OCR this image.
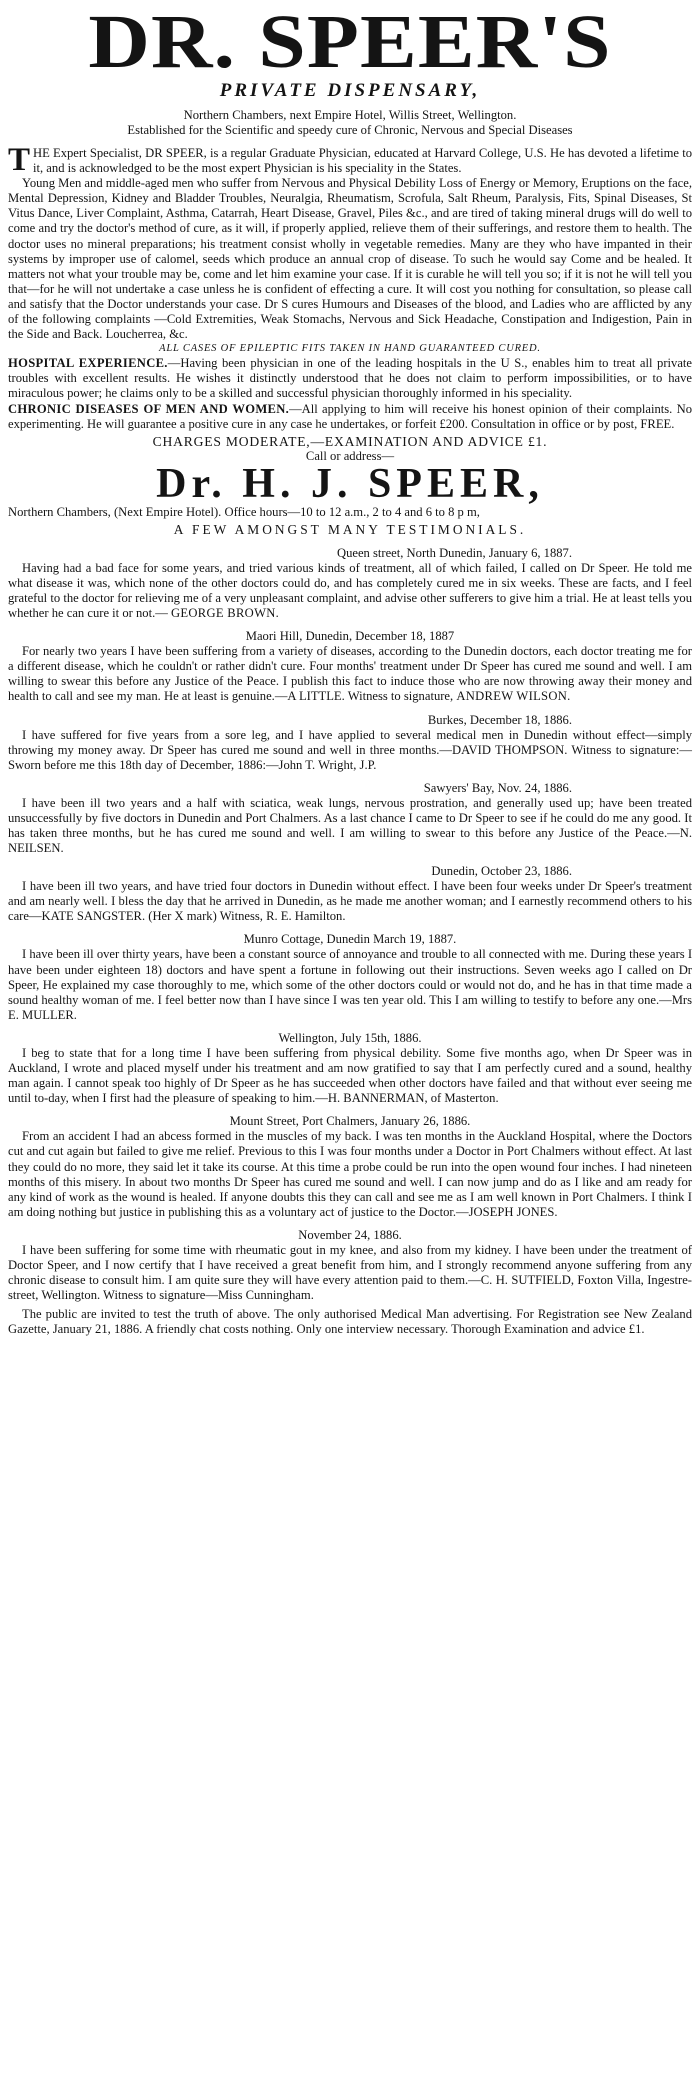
DR. SPEER'S
PRIVATE DISPENSARY,
Northern Chambers, next Empire Hotel, Willis Street, Wellington.
Established for the Scientific and speedy cure of Chronic, Nervous and Special Diseases

THE Expert Specialist, DR SPEER, is a regular Graduate Physician, educated at Harvard College, U.S. He has devoted a lifetime to it, and is acknowledged to be the most expert Physician is his speciality in the States.

Young Men and middle-aged men who suffer from Nervous and Physical Debility Loss of Energy or Memory, Eruptions on the face, Mental Depression, Kidney and Bladder Troubles, Neuralgia, Rheumatism, Scrofula, Salt Rheum, Paralysis, Fits, Spinal Diseases, St Vitus Dance, Liver Complaint, Asthma, Catarrah, Heart Disease, Gravel, Piles &c., and are tired of taking mineral drugs will do well to come and try the doctor's method of cure, as it will, if properly applied, relieve them of their sufferings, and restore them to health. The doctor uses no mineral preparations; his treatment consist wholly in vegetable remedies. Many are they who have impanted in their systems by improper use of calomel, seeds which produce an annual crop of disease. To such he would say Come and be healed. It matters not what your trouble may be, come and let him examine your case. If it is curable he will tell you so; if it is not he will tell you that—for he will not undertake a case unless he is confident of effecting a cure. It will cost you nothing for consultation, so please call and satisfy that the Doctor understands your case. Dr S cures Humours and Diseases of the blood, and Ladies who are afflicted by any of the following complaints —Cold Extremities, Weak Stomachs, Nervous and Sick Headache, Constipation and Indigestion, Pain in the Side and Back. Loucherrea, &c.

ALL CASES OF EPILEPTIC FITS TAKEN IN HAND GUARANTEED CURED.

HOSPITAL EXPERIENCE.—Having been physician in one of the leading hospitals in the U S., enables him to treat all private troubles with excellent results. He wishes it distinctly understood that he does not claim to perform impossibilities, or to have miraculous power; he claims only to be a skilled and successful physician thoroughly informed in his speciality.

CHRONIC DISEASES OF MEN AND WOMEN.—All applying to him will receive his honest opinion of their complaints. No experimenting. He will guarantee a positive cure in any case he undertakes, or forfeit £200. Consultation in office or by post, FREE.

CHARGES MODERATE,—EXAMINATION AND ADVICE £1.
Call or address—
Dr. H. J. SPEER,

Northern Chambers, (Next Empire Hotel). Office hours—10 to 12 a.m., 2 to 4 and 6 to 8 p m,

A FEW AMONGST MANY TESTIMONIALS.
Queen street, North Dunedin, January 6, 1887.

Having had a bad face for some years, and tried various kinds of treatment, all of which failed, I called on Dr Speer. He told me what disease it was, which none of the other doctors could do, and has completely cured me in six weeks. These are facts, and I feel grateful to the doctor for relieving me of a very unpleasant complaint, and advise other sufferers to give him a trial. He at least tells you whether he can cure it or not.— GEORGE BROWN.

Maori Hill, Dunedin, December 18, 1887

For nearly two years I have been suffering from a variety of diseases, according to the Dunedin doctors, each doctor treating me for a different disease, which he couldn't or rather didn't cure. Four months' treatment under Dr Speer has cured me sound and well. I am willing to swear this before any Justice of the Peace. I publish this fact to induce those who are now throwing away their money and health to call and see my man. He at least is genuine.—A LITTLE. Witness to signature, ANDREW WILSON.

Burkes, December 18, 1886.

I have suffered for five years from a sore leg, and I have applied to several medical men in Dunedin without effect—simply throwing my money away. Dr Speer has cured me sound and well in three months.—DAVID THOMPSON. Witness to signature:—Sworn before me this 18th day of December, 1886:—John T. Wright, J.P.

Sawyers' Bay, Nov. 24, 1886.

I have been ill two years and a half with sciatica, weak lungs, nervous prostration, and generally used up; have been treated unsuccessfully by five doctors in Dunedin and Port Chalmers. As a last chance I came to Dr Speer to see if he could do me any good. It has taken three months, but he has cured me sound and well. I am willing to swear to this before any Justice of the Peace.—N. NEILSEN.

Dunedin, October 23, 1886.

I have been ill two years, and have tried four doctors in Dunedin without effect. I have been four weeks under Dr Speer's treatment and am nearly well. I bless the day that he arrived in Dunedin, as he made me another woman; and I earnestly recommend others to his care—KATE SANGSTER. (Her X mark) Witness, R. E. Hamilton.

Munro Cottage, Dunedin March 19, 1887.

I have been ill over thirty years, have been a constant source of annoyance and trouble to all connected with me. During these years I have been under eighteen 18) doctors and have spent a fortune in following out their instructions. Seven weeks ago I called on Dr Speer, He explained my case thoroughly to me, which some of the other doctors could or would not do, and he has in that time made a sound healthy woman of me. I feel better now than I have since I was ten year old. This I am willing to testify to before any one.—Mrs E. MULLER.

Wellington, July 15th, 1886.

I beg to state that for a long time I have been suffering from physical debility. Some five months ago, when Dr Speer was in Auckland, I wrote and placed myself under his treatment and am now gratified to say that I am perfectly cured and a sound, healthy man again. I cannot speak too highly of Dr Speer as he has succeeded when other doctors have failed and that without ever seeing me until to-day, when I first had the pleasure of speaking to him.—H. BANNERMAN, of Masterton.

Mount Street, Port Chalmers, January 26, 1886.

From an accident I had an abcess formed in the muscles of my back. I was ten months in the Auckland Hospital, where the Doctors cut and cut again but failed to give me relief. Previous to this I was four months under a Doctor in Port Chalmers without effect. At last they could do no more, they said let it take its course. At this time a probe could be run into the open wound four inches. I had nineteen months of this misery. In about two months Dr Speer has cured me sound and well. I can now jump and do as I like and am ready for any kind of work as the wound is healed. If anyone doubts this they can call and see me as I am well known in Port Chalmers. I think I am doing nothing but justice in publishing this as a voluntary act of justice to the Doctor.—JOSEPH JONES.

November 24, 1886.

I have been suffering for some time with rheumatic gout in my knee, and also from my kidney. I have been under the treatment of Doctor Speer, and I now certify that I have received a great benefit from him, and I strongly recommend anyone suffering from any chronic disease to consult him. I am quite sure they will have every attention paid to them.—C. H. SUTFIELD, Foxton Villa, Ingestre-street, Wellington. Witness to signature—Miss Cunningham.

The public are invited to test the truth of above. The only authorised Medical Man advertising. For Registration see New Zealand Gazette, January 21, 1886. A friendly chat costs nothing. Only one interview necessary. Thorough Examination and advice £1.
